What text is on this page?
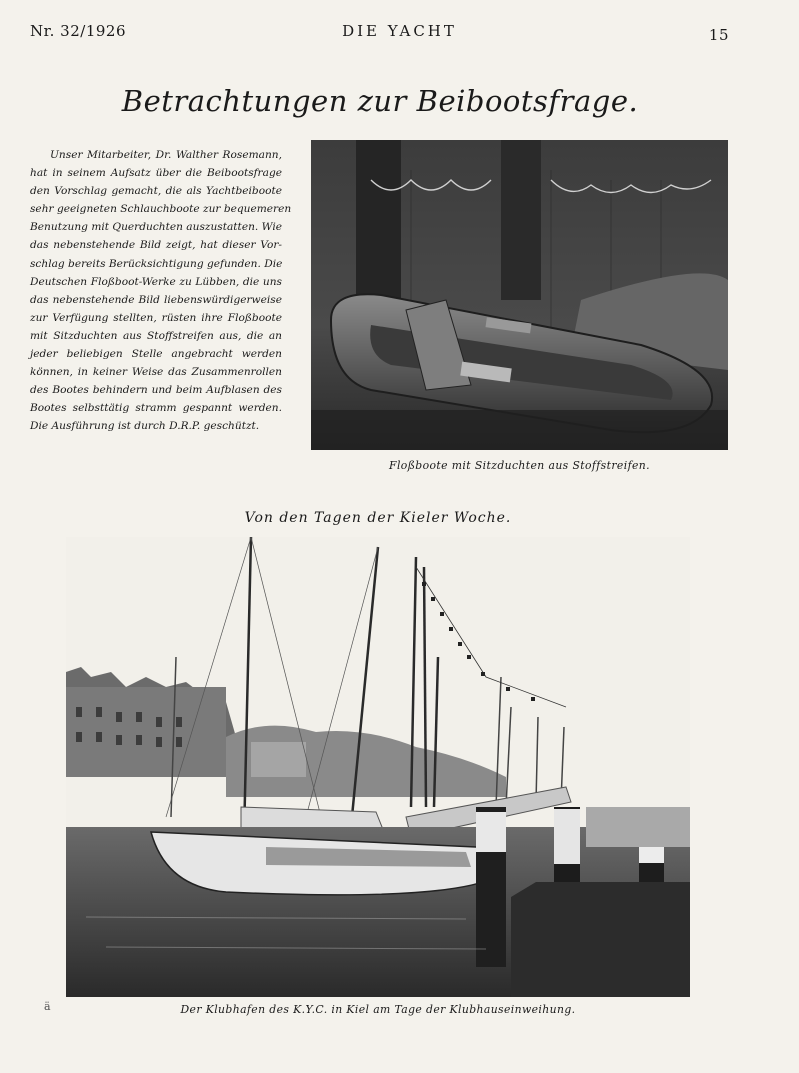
Nr. 32/1926	DIE YACHT	15
Betrachtungen zur Beibootsfrage.
Unser Mitarbeiter, Dr. Walther Rosemann,
hat in seinem Aufsatz über die Beibootsfrage
den Vorschlag gemacht, die als Yachtbeiboote
sehr geeigneten Schlauchboote zur bequemeren
Benutzung mit Querduchten auszustatten. Wie
das nebenstehende Bild zeigt, hat dieser Vor-
schlag bereits Berücksichtigung gefunden. Die
Deutschen Floßboot-Werke zu Lübben, die uns
das nebenstehende Bild liebenswürdigerweise
zur Verfügung stellten, rüsten ihre Floßboote
mit Sitzduchten aus Stoffstreifen aus, die an
jeder beliebigen Stelle angebracht werden
können, in keiner Weise das Zusammenrollen
des Bootes behindern und beim Aufblasen des
Bootes selbsttätig stramm gespannt werden.
Die Ausführung ist durch D.R.P. geschützt.
Floßboote mit Sitzduchten aus Stoffstreifen.
Von den Tagen der Kieler Woche.
Der Klubhafen des K.Y.C. in Kiel am Tage der Klubhauseinweihung.
ä
